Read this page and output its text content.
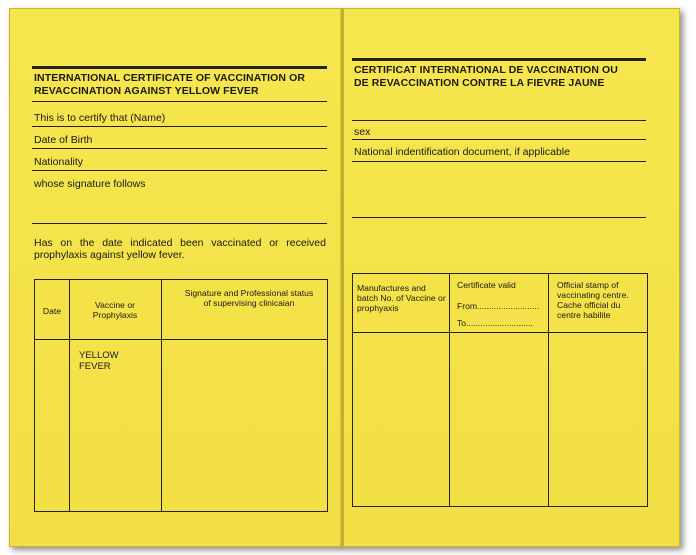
INTERNATIONAL CERTIFICATE OF VACCINATION OR
REVACCINATION AGAINST YELLOW FEVER
This is to certify that (Name)
Date of Birth
Nationality
whose signature follows
Has on the date indicated been vaccinated or received prophylaxis against yellow fever.
Date
Vaccine or Prophylaxis
Signature and Professional status of supervising clinicaian
YELLOW FEVER
CERTIFICAT INTERNATIONAL DE VACCINATION OU
DE REVACCINATION CONTRE LA FIEVRE JAUNE
sex
National indentification document, if applicable
Manufactures and batch No. of Vaccine or prophyaxis
Certificate valid
From..........................
To............................
Official stamp of vaccinating centre. Cache official du centre habilite
